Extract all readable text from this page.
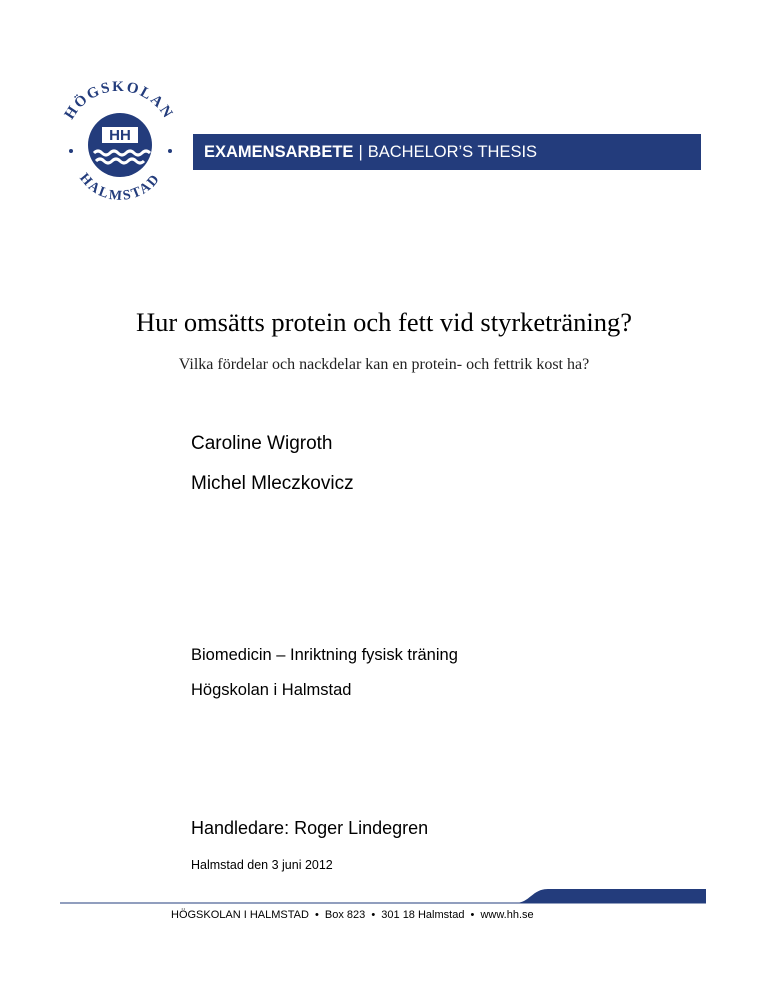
HÖGSKOLAN
HALMSTAD
HH
EXAMENSARBETE | BACHELOR’S THESIS
Hur omsätts protein och fett vid styrketräning?
Vilka fördelar och nackdelar kan en protein- och fettrik kost ha?
Caroline Wigroth
Michel Mleczkovicz
Biomedicin – Inriktning fysisk träning
Högskolan i Halmstad
Handledare: Roger Lindegren
Halmstad den 3 juni 2012
HÖGSKOLAN I HALMSTAD • Box 823 • 301 18 Halmstad • www.hh.se
